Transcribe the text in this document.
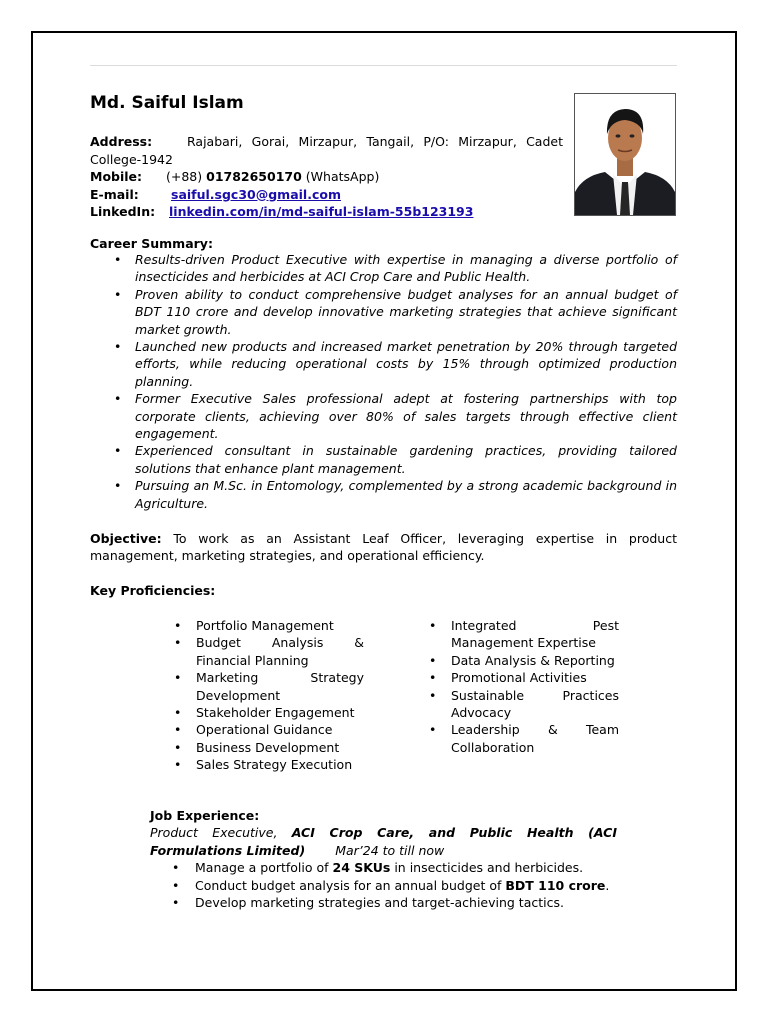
Md. Saiful Islam
Address:	Rajabari, Gorai, Mirzapur, Tangail, P/O: Mirzapur, Cadet College-1942
Mobile: (+88) 01782650170 (WhatsApp)
E-mail:	saiful.sgc30@gmail.com
LinkedIn: linkedin.com/in/md-saiful-islam-55b123193
Career Summary:
• Results-driven Product Executive with expertise in managing a diverse portfolio of insecticides and herbicides at ACI Crop Care and Public Health.
• Proven ability to conduct comprehensive budget analyses for an annual budget of BDT 110 crore and develop innovative marketing strategies that achieve significant market growth.
• Launched new products and increased market penetration by 20% through targeted efforts, while reducing operational costs by 15% through optimized production planning.
• Former Executive Sales professional adept at fostering partnerships with top corporate clients, achieving over 80% of sales targets through effective client engagement.
• Experienced consultant in sustainable gardening practices, providing tailored solutions that enhance plant management.
• Pursuing an M.Sc. in Entomology, complemented by a strong academic background in Agriculture.
Objective: To work as an Assistant Leaf Officer, leveraging expertise in product management, marketing strategies, and operational efficiency.
Key Proficiencies:
• Portfolio Management
• Budget Analysis & Financial Planning
• Marketing Strategy Development
• Stakeholder Engagement
• Operational Guidance
• Business Development
• Sales Strategy Execution
• Integrated Pest Management Expertise
• Data Analysis & Reporting
• Promotional Activities
• Sustainable Practices Advocacy
• Leadership & Team Collaboration
Job Experience:
Product Executive, ACI Crop Care, and Public Health (ACI Formulations Limited) Mar’24 to till now
• Manage a portfolio of 24 SKUs in insecticides and herbicides.
• Conduct budget analysis for an annual budget of BDT 110 crore.
• Develop marketing strategies and target-achieving tactics.
